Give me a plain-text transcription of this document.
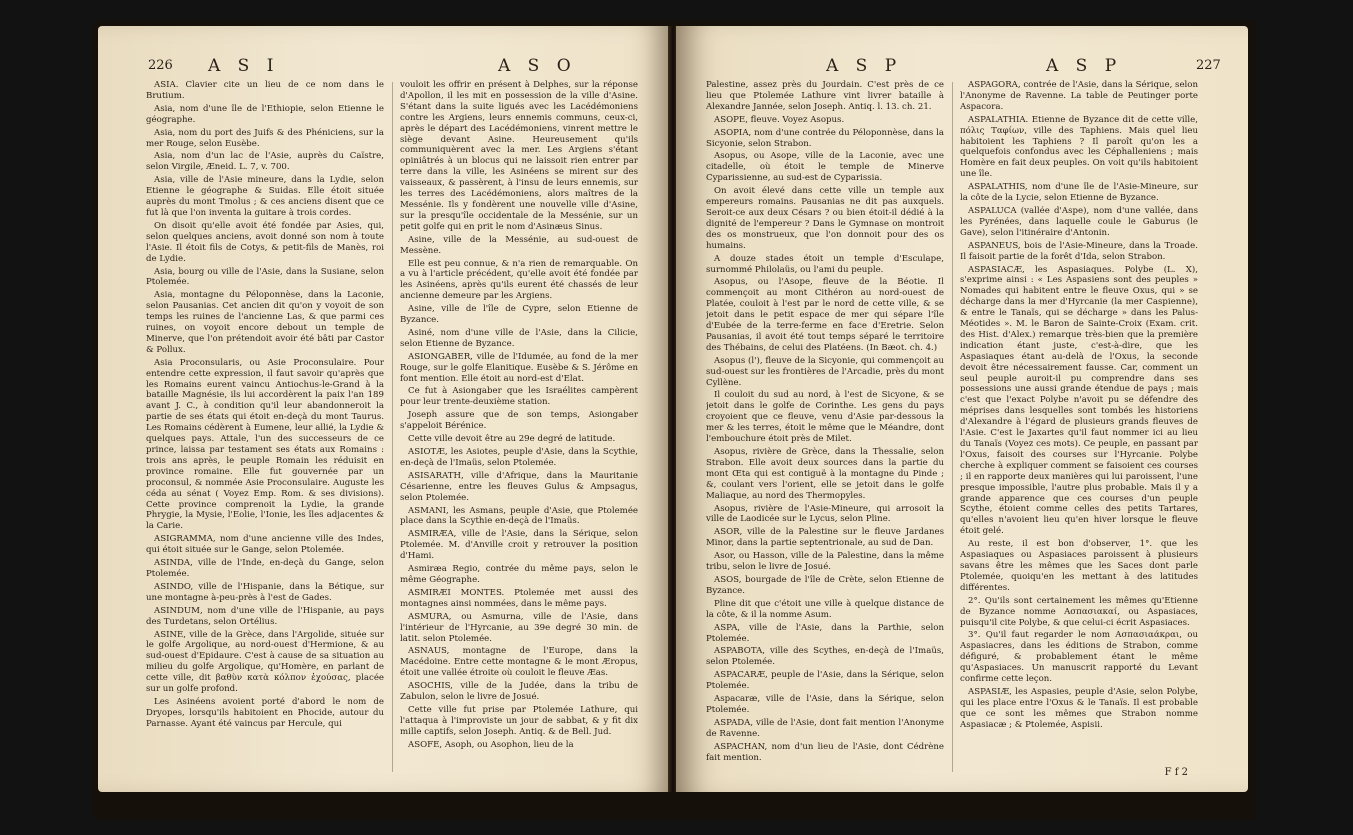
226 A S I	A S O

ASIA. Clavier cite un lieu de ce nom dans le Brutium.

Asia, nom d'une île de l'Ethiopie, selon Etienne le géographe.

Asia, nom du port des Juifs & des Phéniciens, sur la mer Rouge, selon Eusèbe.

Asia, nom d'un lac de l'Asie, auprès du Caïstre, selon Virgile, Æneid. L. 7, v. 700.

Asia, ville de l'Asie mineure, dans la Lydie, selon Etienne le géographe & Suidas. Elle étoit située auprès du mont Tmolus ; & ces anciens disent que ce fut là que l'on inventa la guitare à trois cordes.

On disoit qu'elle avoit été fondée par Asies, qui, selon quelques anciens, avoit donné son nom à toute l'Asie. Il étoit fils de Cotys, & petit-fils de Manès, roi de Lydie.

Asia, bourg ou ville de l'Asie, dans la Susiane, selon Ptolemée.

Asia, montagne du Péloponnèse, dans la Laconie, selon Pausanias. Cet ancien dit qu'on y voyoit de son temps les ruines de l'ancienne Las, & que parmi ces ruines, on voyoit encore debout un temple de Minerve, que l'on prétendoit avoir été bâti par Castor & Pollux.

Asia Proconsularis, ou Asie Proconsulaire. Pour entendre cette expression, il faut savoir qu'après que les Romains eurent vaincu Antiochus-le-Grand à la bataille Magnésie, ils lui accordèrent la paix l'an 189 avant J. C., à condition qu'il leur abandonneroit la partie de ses états qui étoit en-deçà du mont Taurus. Les Romains cédèrent à Eumene, leur allié, la Lydie & quelques pays. Attale, l'un des successeurs de ce prince, laissa par testament ses états aux Romains : trois ans après, le peuple Romain les réduisit en province romaine. Elle fut gouvernée par un proconsul, & nommée Asie Proconsulaire. Auguste les céda au sénat ( Voyez Emp. Rom. & ses divisions). Cette province comprenoit la Lydie, la grande Phrygie, la Mysie, l'Eolie, l'Ionie, les îles adjacentes & la Carie.

ASIGRAMMA, nom d'une ancienne ville des Indes, qui étoit située sur le Gange, selon Ptolemée.

ASINDA, ville de l'Inde, en-deçà du Gange, selon Ptolemée.

ASINDO, ville de l'Hispanie, dans la Bétique, sur une montagne à-peu-près à l'est de Gades.

ASINDUM, nom d'une ville de l'Hispanie, au pays des Turdetans, selon Ortélius.

ASINE, ville de la Grèce, dans l'Argolide, située sur le golfe Argolique, au nord-ouest d'Hermione, & au sud-ouest d'Epidaure. C'est à cause de sa situation au milieu du golfe Argolique, qu'Homère, en parlant de cette ville, dit βαθὺν κατὰ κόλπον ἐχούσας, placée sur un golfe profond.

Les Asinéens avoient porté d'abord le nom de Dryopes, lorsqu'ils habitoient en Phocide, autour du Parnasse. Ayant été vaincus par Hercule, qui

vouloit les offrir en présent à Delphes, sur la réponse d'Apollon, il les mit en possession de la ville d'Asine. S'étant dans la suite ligués avec les Lacédémoniens contre les Argiens, leurs ennemis communs, ceux-ci, après le départ des Lacédémoniens, vinrent mettre le siège devant Asine. Heureusement qu'ils communiquèrent avec la mer. Les Argiens s'étant opiniâtrés à un blocus qui ne laissoit rien entrer par terre dans la ville, les Asinéens se mirent sur des vaisseaux, & passèrent, à l'insu de leurs ennemis, sur les terres des Lacédémoniens, alors maîtres de la Messénie. Ils y fondèrent une nouvelle ville d'Asine, sur la presqu'île occidentale de la Messénie, sur un petit golfe qui en prit le nom d'Asinæus Sinus.

Asine, ville de la Messénie, au sud-ouest de Messène.

Elle est peu connue, & n'a rien de remarquable. On a vu à l'article précédent, qu'elle avoit été fondée par les Asinéens, après qu'ils eurent été chassés de leur ancienne demeure par les Argiens.

Asine, ville de l'île de Cypre, selon Etienne de Byzance.

Asiné, nom d'une ville de l'Asie, dans la Cilicie, selon Etienne de Byzance.

ASIONGABER, ville de l'Idumée, au fond de la mer Rouge, sur le golfe Elanitique. Eusèbe & S. Jérôme en font mention. Elle étoit au nord-est d'Elat.

Ce fut à Asiongaber que les Israélites campèrent pour leur trente-deuxième station.

Joseph assure que de son temps, Asiongaber s'appeloit Bérénice.

Cette ville devoit être au 29e degré de latitude.

ASIOTÆ, les Asiotes, peuple d'Asie, dans la Scythie, en-deçà de l'Imaüs, selon Ptolemée.

ASISARATH, ville d'Afrique, dans la Mauritanie Césarienne, entre les fleuves Gulus & Ampsagus, selon Ptolemée.

ASMANI, les Asmans, peuple d'Asie, que Ptolemée place dans la Scythie en-deçà de l'Imaüs.

ASMIRÆA, ville de l'Asie, dans la Sérique, selon Ptolemée. M. d'Anville croit y retrouver la position d'Hami.

Asmiræa Regio, contrée du même pays, selon le même Géographe.

ASMIRÆI MONTES. Ptolemée met aussi des montagnes ainsi nommées, dans le même pays.

ASMURA, ou Asmurna, ville de l'Asie, dans l'intérieur de l'Hyrcanie, au 39e degré 30 min. de latit. selon Ptolemée.

ASNAUS, montagne de l'Europe, dans la Macédoine. Entre cette montagne & le mont Æropus, étoit une vallée étroite où couloit le fleuve Æas.

ASOCHIS, ville de la Judée, dans la tribu de Zabulon, selon le livre de Josué.

Cette ville fut prise par Ptolemée Lathure, qui l'attaqua à l'improviste un jour de sabbat, & y fit dix mille captifs, selon Joseph. Antiq. & de Bell. Jud.

ASOFE, Asoph, ou Asophon, lieu de la

A S P	A S P	227

Palestine, assez près du Jourdain. C'est près de ce lieu que Ptolemée Lathure vint livrer bataille à Alexandre Jannée, selon Joseph. Antiq. l. 13. ch. 21.

ASOPE, fleuve. Voyez Asopus.

ASOPIA, nom d'une contrée du Péloponnèse, dans la Sicyonie, selon Strabon.

Asopus, ou Asope, ville de la Laconie, avec une citadelle, où étoit le temple de Minerve Cyparissienne, au sud-est de Cyparissia.

On avoit élevé dans cette ville un temple aux empereurs romains. Pausanias ne dit pas auxquels. Seroit-ce aux deux Césars ? ou bien étoit-il dédié à la dignité de l'empereur ? Dans le Gymnase on montroit des os monstrueux, que l'on donnoit pour des os humains.

A douze stades étoit un temple d'Esculape, surnommé Philolaüs, ou l'ami du peuple.

Asopus, ou l'Asope, fleuve de la Béotie. Il commençoit au mont Cithéron au nord-ouest de Platée, couloit à l'est par le nord de cette ville, & se jetoit dans le petit espace de mer qui sépare l'île d'Eubée de la terre-ferme en face d'Eretrie. Selon Pausanias, il avoit été tout temps séparé le territoire des Thébains, de celui des Platéens. (In Bæot. ch. 4.)

Asopus (l'), fleuve de la Sicyonie, qui commençoit au sud-ouest sur les frontières de l'Arcadie, près du mont Cyllène.

Il couloit du sud au nord, à l'est de Sicyone, & se jetoit dans le golfe de Corinthe. Les gens du pays croyoient que ce fleuve, venu d'Asie par-dessous la mer & les terres, étoit le même que le Méandre, dont l'embouchure étoit près de Milet.

Asopus, rivière de Grèce, dans la Thessalie, selon Strabon. Elle avoit deux sources dans la partie du mont Œta qui est contiguë à la montagne du Pinde ; &, coulant vers l'orient, elle se jetoit dans le golfe Maliaque, au nord des Thermopyles.

Asopus, rivière de l'Asie-Mineure, qui arrosoit la ville de Laodicée sur le Lycus, selon Pline.

ASOR, ville de la Palestine sur le fleuve Jardanes Minor, dans la partie septentrionale, au sud de Dan.

Asor, ou Hasson, ville de la Palestine, dans la même tribu, selon le livre de Josué.

ASOS, bourgade de l'île de Crète, selon Etienne de Byzance.

Pline dit que c'étoit une ville à quelque distance de la côte, & il la nomme Asum.

ASPA, ville de l'Asie, dans la Parthie, selon Ptolemée.

ASPABOTA, ville des Scythes, en-deçà de l'Imaüs, selon Ptolemée.

ASPACARÆ, peuple de l'Asie, dans la Sérique, selon Ptolemée.

Aspacaræ, ville de l'Asie, dans la Sérique, selon Ptolemée.

ASPADA, ville de l'Asie, dont fait mention l'Anonyme de Ravenne.

ASPACHAN, nom d'un lieu de l'Asie, dont Cédrène fait mention.

ASPAGORA, contrée de l'Asie, dans la Sérique, selon l'Anonyme de Ravenne. La table de Peutinger porte Aspacora.

ASPALATHIA. Etienne de Byzance dit de cette ville, πόλις Ταφίων, ville des Taphiens. Mais quel lieu habitoient les Taphiens ? Il paroît qu'on les a quelquefois confondus avec les Céphalleniens ; mais Homère en fait deux peuples. On voit qu'ils habitoient une île.

ASPALATHIS, nom d'une île de l'Asie-Mineure, sur la côte de la Lycie, selon Etienne de Byzance.

ASPALUCA (vallée d'Aspe), nom d'une vallée, dans les Pyrénées, dans laquelle coule le Gaburus (le Gave), selon l'itinéraire d'Antonin.

ASPANEUS, bois de l'Asie-Mineure, dans la Troade. Il faisoit partie de la forêt d'Ida, selon Strabon.

ASPASIACÆ, les Aspasiaques. Polybe (L. X), s'exprime ainsi : « Les Aspasiens sont des peuples » Nomades qui habitent entre le fleuve Oxus, qui » se décharge dans la mer d'Hyrcanie (la mer Caspienne), & entre le Tanaïs, qui se décharge » dans les Palus-Méotides ». M. le Baron de Sainte-Croix (Exam. crit. des Hist. d'Alex.) remarque très-bien que la première indication étant juste, c'est-à-dire, que les Aspasiaques étant au-delà de l'Oxus, la seconde devoit être nécessairement fausse. Car, comment un seul peuple auroit-il pu comprendre dans ses possessions une aussi grande étendue de pays ; mais c'est que l'exact Polybe n'avoit pu se défendre des méprises dans lesquelles sont tombés les historiens d'Alexandre à l'égard de plusieurs grands fleuves de l'Asie. C'est le Jaxartes qu'il faut nommer ici au lieu du Tanaïs (Voyez ces mots). Ce peuple, en passant par l'Oxus, faisoit des courses sur l'Hyrcanie. Polybe cherche à expliquer comment se faisoient ces courses ; il en rapporte deux manières qui lui paroissent, l'une presque impossible, l'autre plus probable. Mais il y a grande apparence que ces courses d'un peuple Scythe, étoient comme celles des petits Tartares, qu'elles n'avoient lieu qu'en hiver lorsque le fleuve étoit gelé.

Au reste, il est bon d'observer, 1°. que les Aspasiaques ou Aspasiaces paroissent à plusieurs savans être les mêmes que les Saces dont parle Ptolemée, quoiqu'en les mettant à des latitudes différentes.

2°. Qu'ils sont certainement les mêmes qu'Etienne de Byzance nomme Ασπασιακαί, ou Aspasiaces, puisqu'il cite Polybe, & que celui-ci écrit Aspasiaces.

3°. Qu'il faut regarder le nom Ασπασιαάκραι, ou Aspasiacres, dans les éditions de Strabon, comme défiguré, & probablement étant le même qu'Aspasiaces. Un manuscrit rapporté du Levant confirme cette leçon.

ASPASIÆ, les Aspasies, peuple d'Asie, selon Polybe, qui les place entre l'Oxus & le Tanaïs. Il est probable que ce sont les mêmes que Strabon nomme Aspasiacæ ; & Ptolemée, Aspisii.

F f 2
